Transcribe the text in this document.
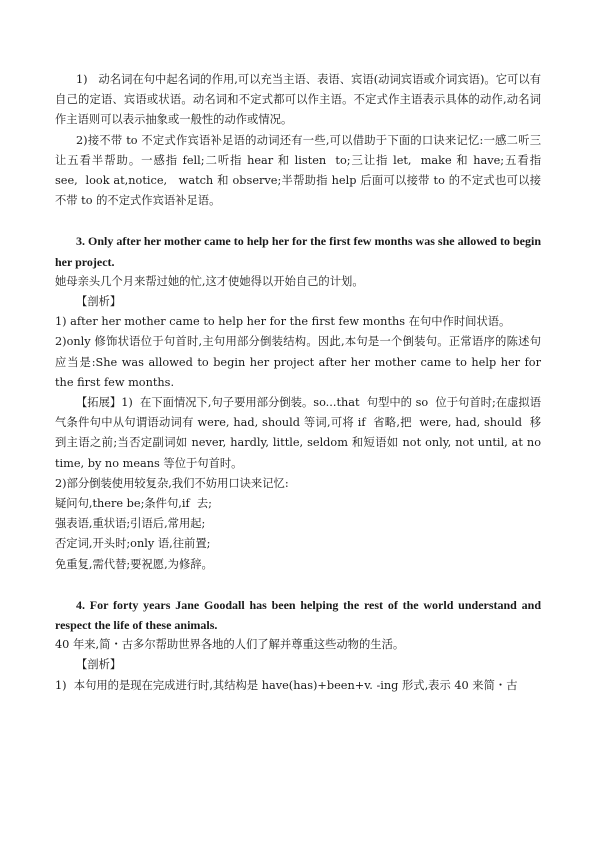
1)   动名词在句中起名词的作用,可以充当主语、表语、宾语(动词宾语或介词宾语)。它可以有自己的定语、宾语或状语。动名词和不定式都可以作主语。不定式作主语表示具体的动作,动名词作主语则可以表示抽象或一般性的动作或情况。

2)接不带 to 不定式作宾语补足语的动词还有一些,可以借助于下面的口诀来记忆:一感二听三让五看半帮助。一感指 fell;二听指 hear 和 listen  to;三让指 let,  make 和 have;五看指 see,  look at,notice,   watch 和 observe;半帮助指 help 后面可以接带 to 的不定式也可以接不带 to 的不定式作宾语补足语。

3. Only after her mother came to help her for the first few months was she allowed to begin her project.

她母亲头几个月来帮过她的忙,这才使她得以开始自己的计划。

【剖析】

1) after her mother came to help her for the first few months 在句中作时间状语。

2)only 修饰状语位于句首时,主句用部分倒装结构。因此,本句是一个倒装句。正常语序的陈述句应当是:She was allowed to begin her project after her mother came to help her for the first few months.

【拓展】1)  在下面情况下,句子要用部分倒装。so...that  句型中的 so  位于句首时;在虚拟语气条件句中从句谓语动词有 were, had, should 等词,可将 if  省略,把  were, had, should  移到主语之前;当否定副词如 never, hardly, little, seldom 和短语如 not only, not until, at no time, by no means 等位于句首时。

2)部分倒装使用较复杂,我们不妨用口诀来记忆:

疑问句,there be;条件句,if  去;

强表语,重状语;引语后,常用起;

否定词,开头时;only 语,往前置;

免重复,需代替;要祝愿,为修辞。

4. For forty years Jane Goodall has been helping the rest of the world understand and respect the life of these animals.

40 年来,简・古多尔帮助世界各地的人们了解并尊重这些动物的生活。

【剖析】

1)  本句用的是现在完成进行时,其结构是 have(has)+been+v. -ing 形式,表示 40 来简・古
